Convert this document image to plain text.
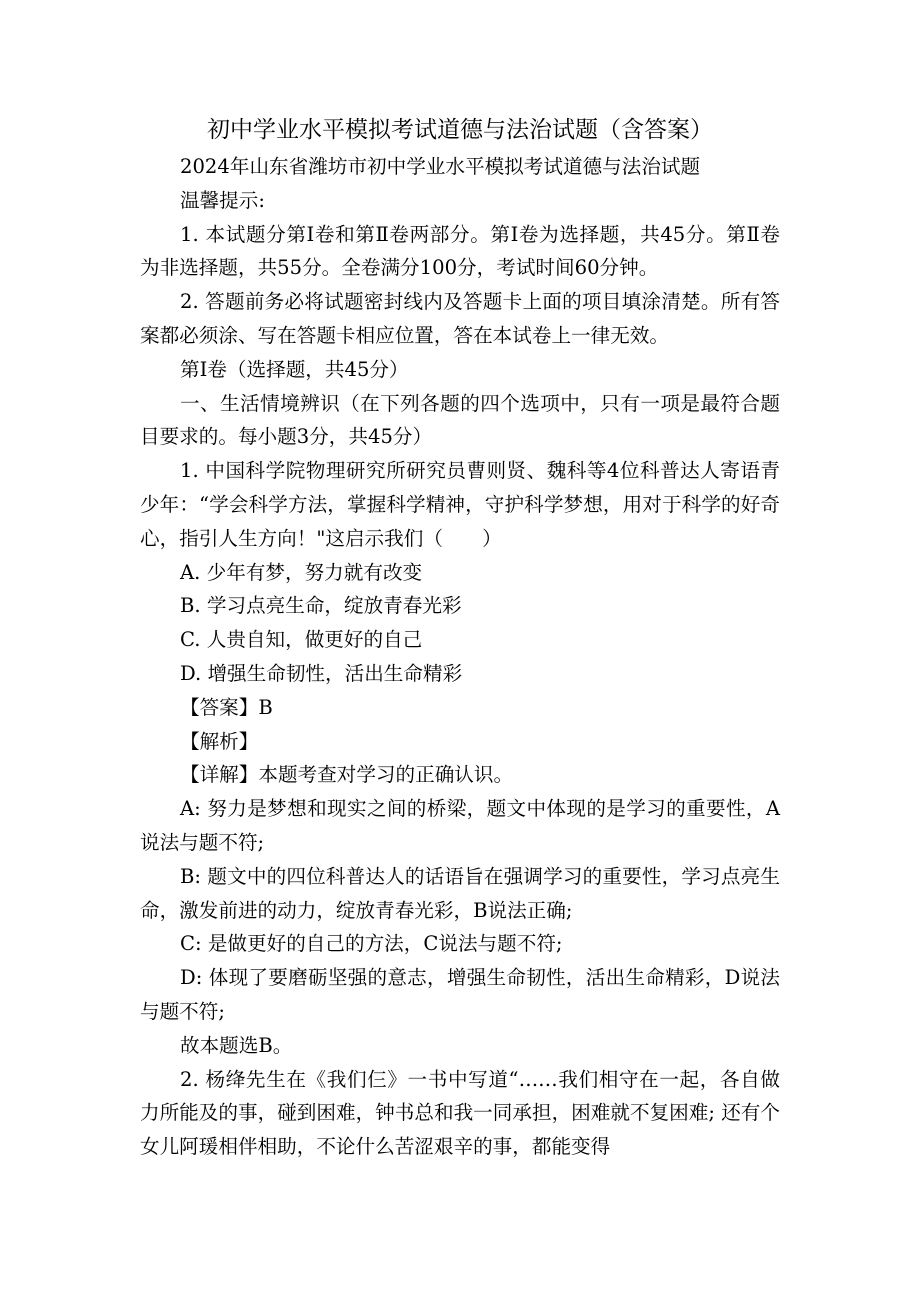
初中学业水平模拟考试道德与法治试题（含答案）

2024年山东省潍坊市初中学业水平模拟考试道德与法治试题

温馨提示:

1. 本试题分第Ⅰ卷和第Ⅱ卷两部分。第Ⅰ卷为选择题，共45分。第Ⅱ卷为非选择题，共55分。全卷满分100分，考试时间60分钟。

2. 答题前务必将试题密封线内及答题卡上面的项目填涂清楚。所有答案都必须涂、写在答题卡相应位置，答在本试卷上一律无效。

第Ⅰ卷（选择题，共45分）

一、生活情境辨识（在下列各题的四个选项中，只有一项是最符合题目要求的。每小题3分，共45分）

1. 中国科学院物理研究所研究员曹则贤、魏科等4位科普达人寄语青少年：“学会科学方法，掌握科学精神，守护科学梦想，用对于科学的好奇心，指引人生方向！"这启示我们（　　）

A. 少年有梦，努力就有改变

B. 学习点亮生命，绽放青春光彩

C. 人贵自知，做更好的自己

D. 增强生命韧性，活出生命精彩

【答案】B

【解析】

【详解】本题考查对学习的正确认识。

A: 努力是梦想和现实之间的桥梁，题文中体现的是学习的重要性，A说法与题不符;

B: 题文中的四位科普达人的话语旨在强调学习的重要性，学习点亮生命，激发前进的动力，绽放青春光彩，B说法正确;

C: 是做更好的自己的方法，C说法与题不符;

D: 体现了要磨砺坚强的意志，增强生命韧性，活出生命精彩，D说法与题不符;

故本题选B。

2. 杨绛先生在《我们仨》一书中写道“……我们相守在一起，各自做力所能及的事，碰到困难，钟书总和我一同承担，困难就不复困难; 还有个女儿阿瑗相伴相助，不论什么苦涩艰辛的事，都能变得
